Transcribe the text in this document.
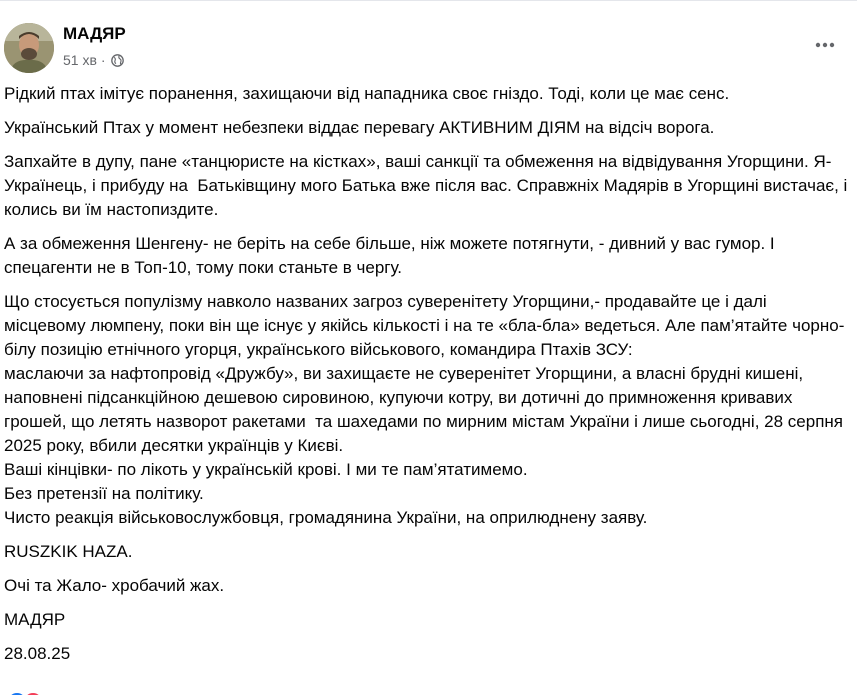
МАДЯР
51 хв ·

Рідкий птах імітує поранення, захищаючи від нападника своє гніздо. Тоді, коли це має сенс.

Український Птах у момент небезпеки віддає перевагу АКТИВНИМ ДІЯМ на відсіч ворога.

Запхайте в дупу, пане «танцюристе на кістках», ваші санкції та обмеження на відвідування Угорщини. Я-Українець, і прибуду на  Батьківщину мого Батька вже після вас. Справжніх Мадярів в Угорщині вистачає, і колись ви їм настопиздите.

А за обмеження Шенгену- не беріть на себе більше, ніж можете потягнути, - дивний у вас гумор. І спецагенти не в Топ-10, тому поки станьте в чергу.

Що стосується популізму навколо названих загроз суверенітету Угорщини,- продавайте це і далі місцевому люмпену, поки він ще існує у якійсь кількості і на те «бла-бла» ведеться. Але пам’ятайте чорно-білу позицію етнічного угорця, українського військового, командира Птахів ЗСУ:
маслаючи за нафтопровід «Дружбу», ви захищаєте не суверенітет Угорщини, а власні брудні кишені, наповнені підсанкційною дешевою сировиною, купуючи котру, ви дотичні до примноження кривавих грошей, що летять назворот ракетами  та шахедами по мирним містам України і лише сьогодні, 28 серпня 2025 року, вбили десятки українців у Києві.
Ваші кінцівки- по лікоть у українській крові. І ми те пам’ятатимемо.
Без претензії на політику.
Чисто реакція військовослужбовця, громадянина України, на оприлюднену заяву.

RUSZKIK HAZA.

Очі та Жало- хробачий жах.

МАДЯР

28.08.25
